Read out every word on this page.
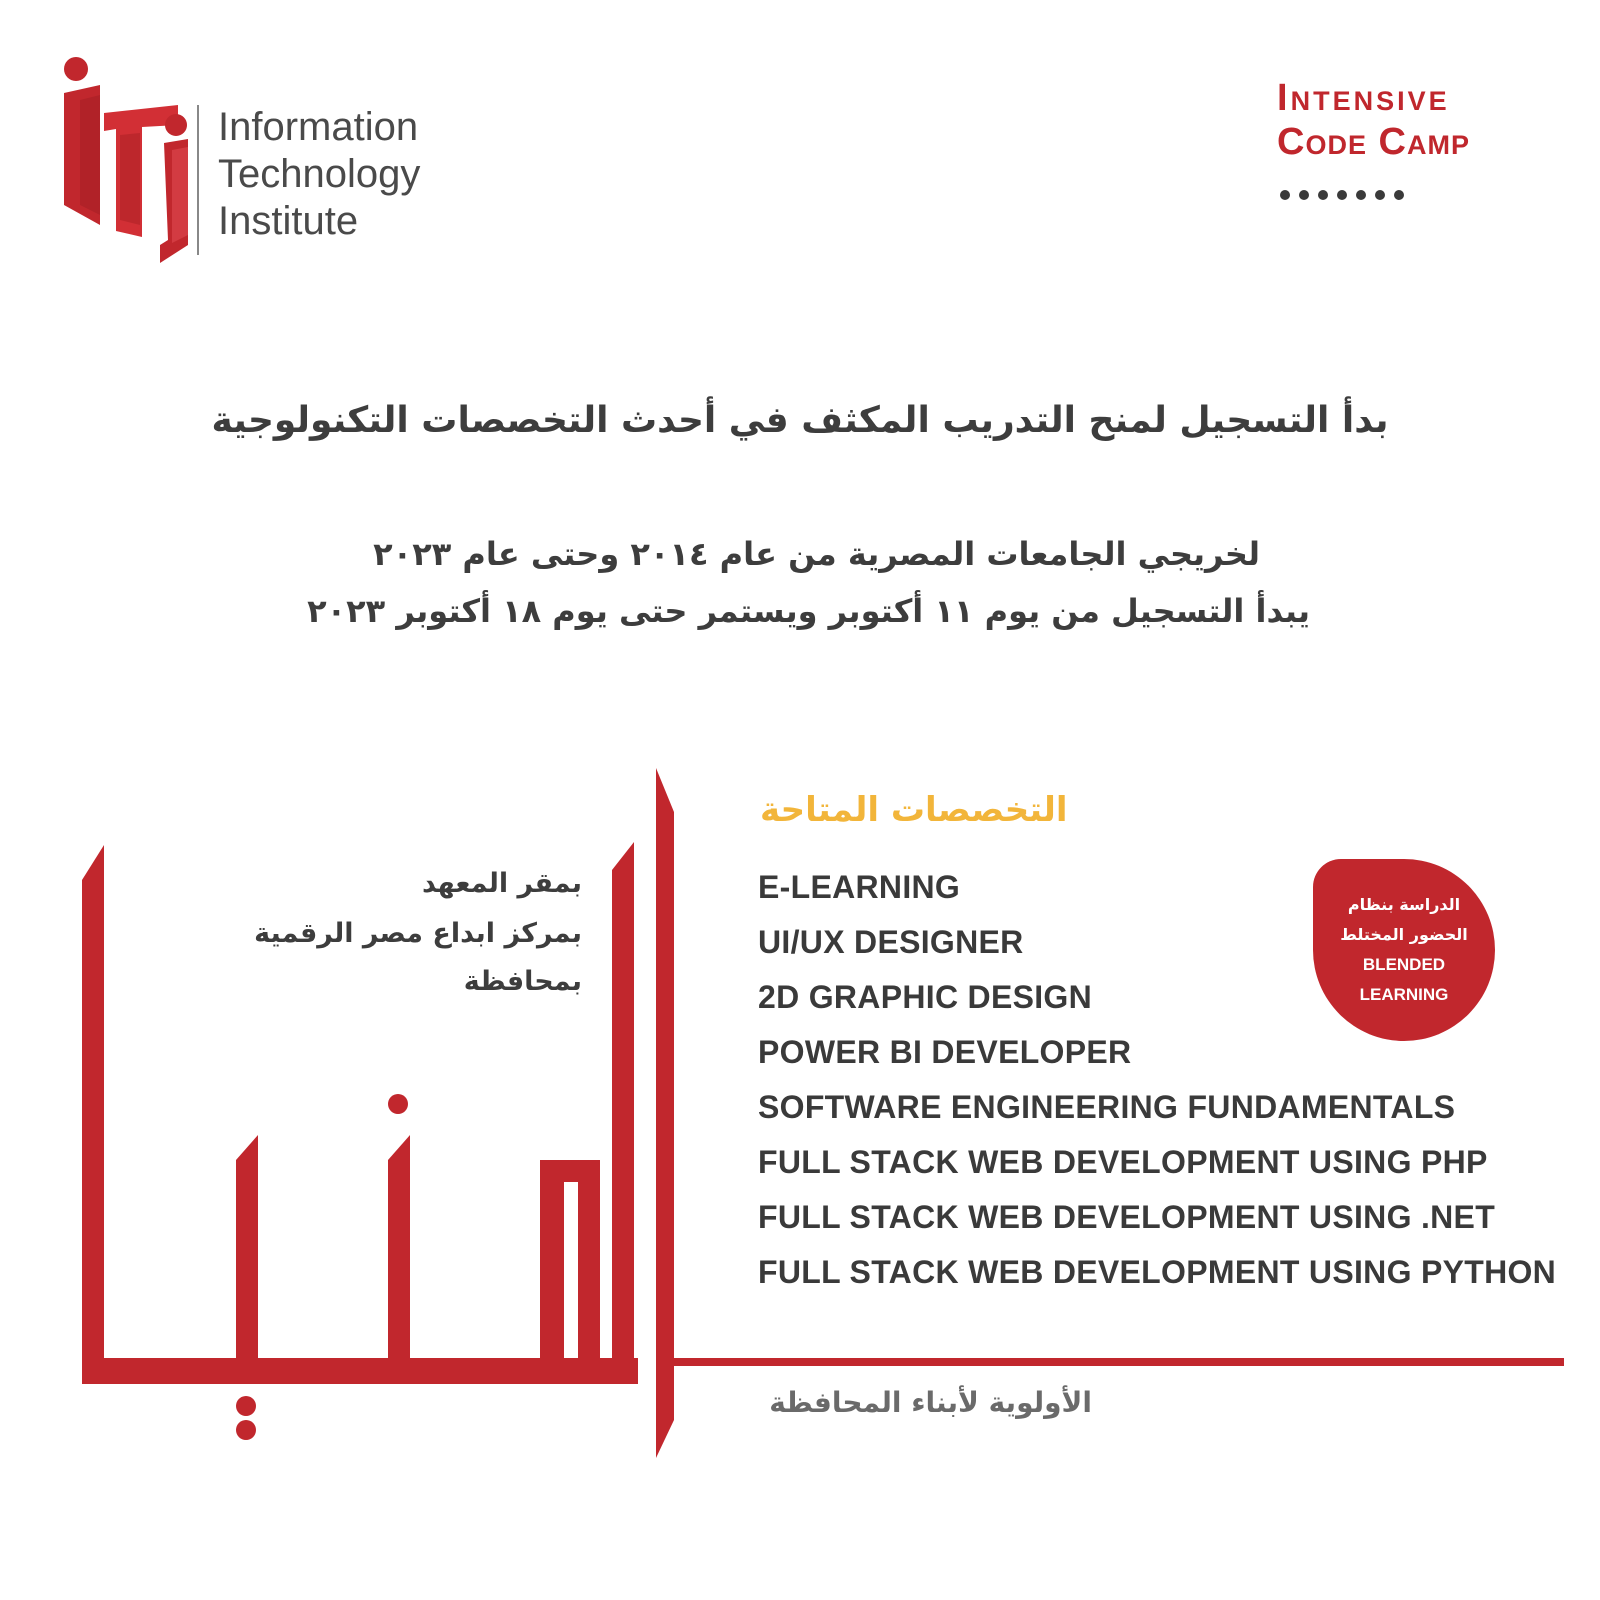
Information
Technology
Institute
Intensive
Code Camp
بدأ التسجيل لمنح التدريب المكثف في أحدث التخصصات التكنولوجية
لخريجي الجامعات المصرية من عام ٢٠١٤ وحتى عام ٢٠٢٣
يبدأ التسجيل من يوم ١١ أكتوبر ويستمر حتى يوم ١٨ أكتوبر ٢٠٢٣
المنيا
بمقر المعهد
بمركز ابداع مصر الرقمية
بمحافظة
التخصصات المتاحة
E-LEARNING
UI/UX DESIGNER
2D GRAPHIC DESIGN
POWER BI DEVELOPER
SOFTWARE ENGINEERING FUNDAMENTALS
FULL STACK WEB DEVELOPMENT USING PHP
FULL STACK WEB DEVELOPMENT USING .NET
FULL STACK WEB DEVELOPMENT USING PYTHON
الدراسة بنظام
الحضور المختلط
BLENDED
LEARNING
الأولوية لأبناء المحافظة
